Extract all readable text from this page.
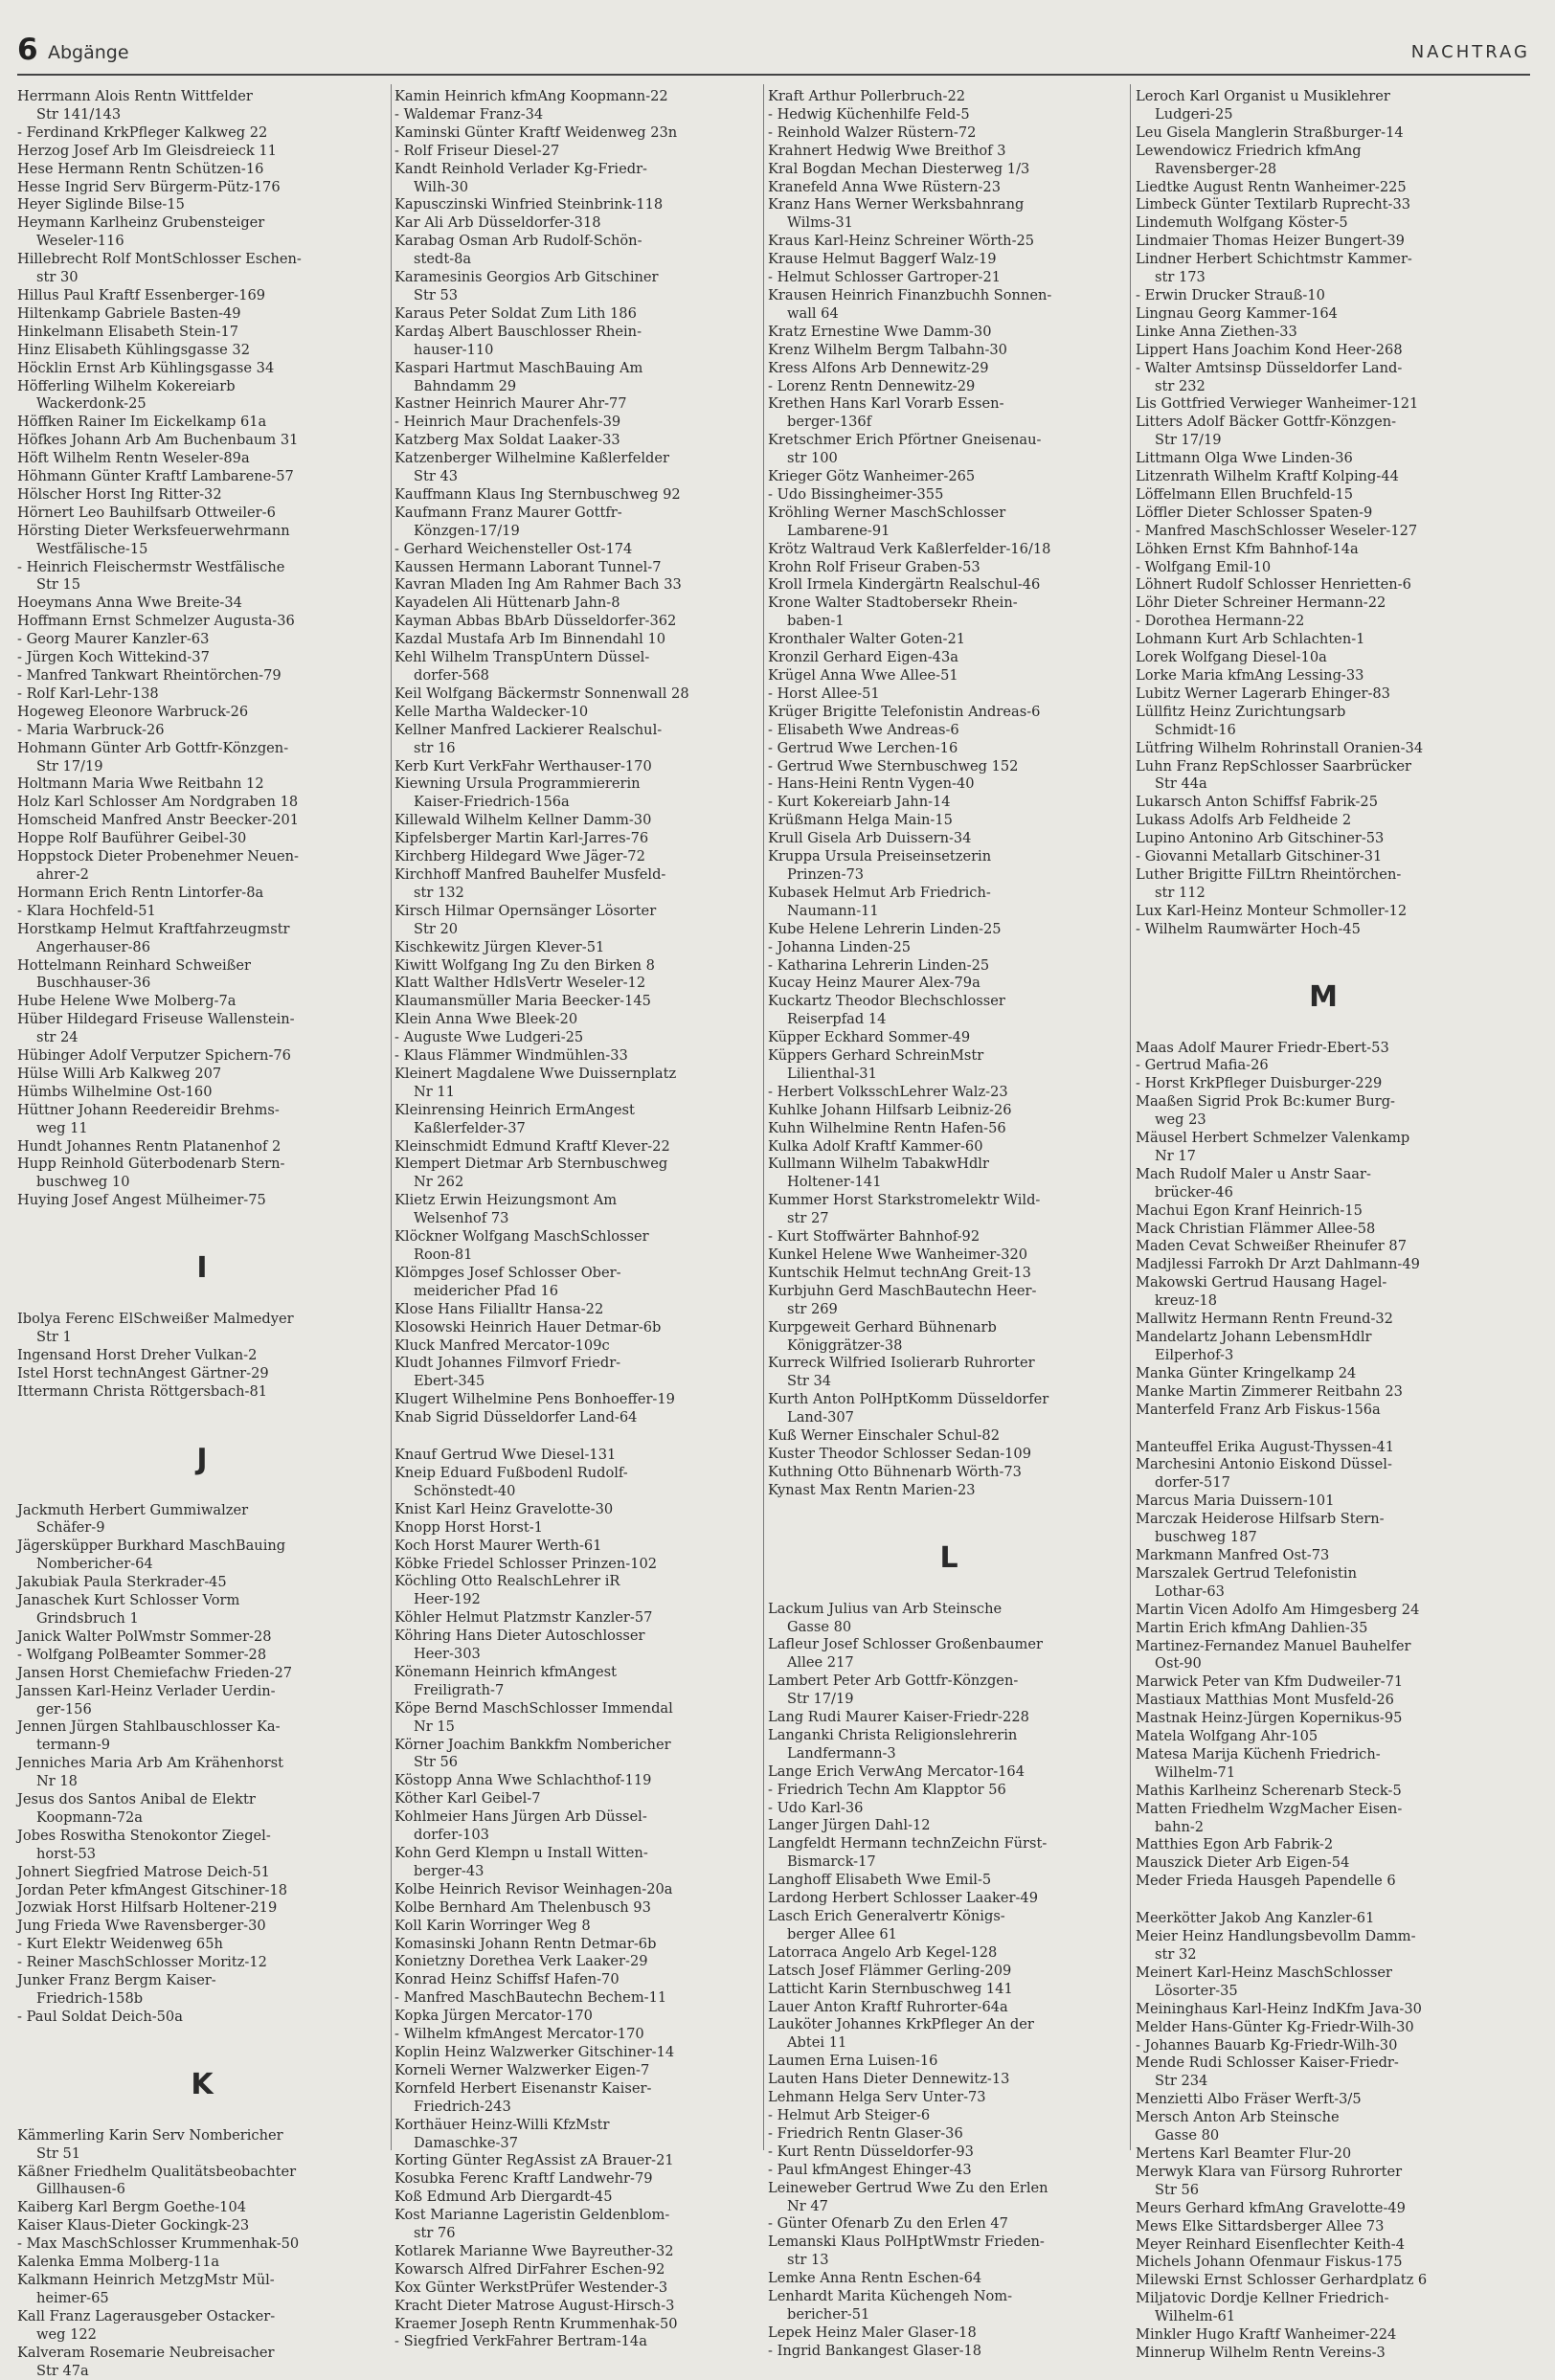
6 Abgänge	NACHTRAG
Herrmann Alois Rentn Wittfelder
Str 141/143
- Ferdinand KrkPfleger Kalkweg 22
Herzog Josef Arb Im Gleisdreieck 11
Hese Hermann Rentn Schützen-16
Hesse Ingrid Serv Bürgerm-Pütz-176
Heyer Siglinde Bilse-15
Heymann Karlheinz Grubensteiger
Weseler-116
Hillebrecht Rolf MontSchlosser Eschen-
str 30
Hillus Paul Kraftf Essenberger-169
Hiltenkamp Gabriele Basten-49
Hinkelmann Elisabeth Stein-17
Hinz Elisabeth Kühlingsgasse 32
Höcklin Ernst Arb Kühlingsgasse 34
Höfferling Wilhelm Kokereiarb
Wackerdonk-25
Höffken Rainer Im Eickelkamp 61a
Höfkes Johann Arb Am Buchenbaum 31
Höft Wilhelm Rentn Weseler-89a
Höhmann Günter Kraftf Lambarene-57
Hölscher Horst Ing Ritter-32
Hörnert Leo Bauhilfsarb Ottweiler-6
Hörsting Dieter Werksfeuerwehrmann
Westfälische-15
- Heinrich Fleischermstr Westfälische
Str 15
Hoeymans Anna Wwe Breite-34
Hoffmann Ernst Schmelzer Augusta-36
- Georg Maurer Kanzler-63
- Jürgen Koch Wittekind-37
- Manfred Tankwart Rheintörchen-79
- Rolf Karl-Lehr-138
Hogeweg Eleonore Warbruck-26
- Maria Warbruck-26
Hohmann Günter Arb Gottfr-Könzgen-
Str 17/19
Holtmann Maria Wwe Reitbahn 12
Holz Karl Schlosser Am Nordgraben 18
Homscheid Manfred Anstr Beecker-201
Hoppe Rolf Bauführer Geibel-30
Hoppstock Dieter Probenehmer Neuen-
ahrer-2
Hormann Erich Rentn Lintorfer-8a
- Klara Hochfeld-51
Horstkamp Helmut Kraftfahrzeugmstr
Angerhauser-86
Hottelmann Reinhard Schweißer
Buschhauser-36
Hube Helene Wwe Molberg-7a
Hüber Hildegard Friseuse Wallenstein-
str 24
Hübinger Adolf Verputzer Spichern-76
Hülse Willi Arb Kalkweg 207
Hümbs Wilhelmine Ost-160
Hüttner Johann Reedereidir Brehms-
weg 11
Hundt Johannes Rentn Platanenhof 2
Hupp Reinhold Güterbodenarb Stern-
buschweg 10
Huying Josef Angest Mülheimer-75
I
Ibolya Ferenc ElSchweißer Malmedyer
Str 1
Ingensand Horst Dreher Vulkan-2
Istel Horst technAngest Gärtner-29
Ittermann Christa Röttgersbach-81
J
Jackmuth Herbert Gummiwalzer
Schäfer-9
Jägersküpper Burkhard MaschBauing
Nombericher-64
Jakubiak Paula Sterkrader-45
Janaschek Kurt Schlosser Vorm
Grindsbruch 1
Janick Walter PolWmstr Sommer-28
- Wolfgang PolBeamter Sommer-28
Jansen Horst Chemiefachw Frieden-27
Janssen Karl-Heinz Verlader Uerdin-
ger-156
Jennen Jürgen Stahlbauschlosser Ka-
termann-9
Jenniches Maria Arb Am Krähenhorst
Nr 18
Jesus dos Santos Anibal de Elektr
Koopmann-72a
Jobes Roswitha Stenokontor Ziegel-
horst-53
Johnert Siegfried Matrose Deich-51
Jordan Peter kfmAngest Gitschiner-18
Jozwiak Horst Hilfsarb Holtener-219
Jung Frieda Wwe Ravensberger-30
- Kurt Elektr Weidenweg 65h
- Reiner MaschSchlosser Moritz-12
Junker Franz Bergm Kaiser-
Friedrich-158b
- Paul Soldat Deich-50a
K
Kämmerling Karin Serv Nombericher
Str 51
Käßner Friedhelm Qualitätsbeobachter
Gillhausen-6
Kaiberg Karl Bergm Goethe-104
Kaiser Klaus-Dieter Gockingk-23
- Max MaschSchlosser Krummenhak-50
Kalenka Emma Molberg-11a
Kalkmann Heinrich MetzgMstr Mül-
heimer-65
Kall Franz Lagerausgeber Ostacker-
weg 122
Kalveram Rosemarie Neubreisacher
Str 47a
Kamin Heinrich kfmAng Koopmann-22
- Waldemar Franz-34
Kaminski Günter Kraftf Weidenweg 23n
- Rolf Friseur Diesel-27
Kandt Reinhold Verlader Kg-Friedr-
Wilh-30
Kapusczinski Winfried Steinbrink-118
Kar Ali Arb Düsseldorfer-318
Karabag Osman Arb Rudolf-Schön-
stedt-8a
Karamesinis Georgios Arb Gitschiner
Str 53
Karaus Peter Soldat Zum Lith 186
Kardaş Albert Bauschlosser Rhein-
hauser-110
Kaspari Hartmut MaschBauing Am
Bahndamm 29
Kastner Heinrich Maurer Ahr-77
- Heinrich Maur Drachenfels-39
Katzberg Max Soldat Laaker-33
Katzenberger Wilhelmine Kaßlerfelder
Str 43
Kauffmann Klaus Ing Sternbuschweg 92
Kaufmann Franz Maurer Gottfr-
Könzgen-17/19
- Gerhard Weichensteller Ost-174
Kaussen Hermann Laborant Tunnel-7
Kavran Mladen Ing Am Rahmer Bach 33
Kayadelen Ali Hüttenarb Jahn-8
Kayman Abbas BbArb Düsseldorfer-362
Kazdal Mustafa Arb Im Binnendahl 10
Kehl Wilhelm TranspUntern Düssel-
dorfer-568
Keil Wolfgang Bäckermstr Sonnenwall 28
Kelle Martha Waldecker-10
Kellner Manfred Lackierer Realschul-
str 16
Kerb Kurt VerkFahr Werthauser-170
Kiewning Ursula Programmiererin
Kaiser-Friedrich-156a
Killewald Wilhelm Kellner Damm-30
Kipfelsberger Martin Karl-Jarres-76
Kirchberg Hildegard Wwe Jäger-72
Kirchhoff Manfred Bauhelfer Musfeld-
str 132
Kirsch Hilmar Opernsänger Lösorter
Str 20
Kischkewitz Jürgen Klever-51
Kiwitt Wolfgang Ing Zu den Birken 8
Klatt Walther HdlsVertr Weseler-12
Klaumansmüller Maria Beecker-145
Klein Anna Wwe Bleek-20
- Auguste Wwe Ludgeri-25
- Klaus Flämmer Windmühlen-33
Kleinert Magdalene Wwe Duissernplatz
Nr 11
Kleinrensing Heinrich ErmAngest
Kaßlerfelder-37
Kleinschmidt Edmund Kraftf Klever-22
Klempert Dietmar Arb Sternbuschweg
Nr 262
Klietz Erwin Heizungsmont Am
Welsenhof 73
Klöckner Wolfgang MaschSchlosser
Roon-81
Klömpges Josef Schlosser Ober-
meidericher Pfad 16
Klose Hans Filialltr Hansa-22
Klosowski Heinrich Hauer Detmar-6b
Kluck Manfred Mercator-109c
Kludt Johannes Filmvorf Friedr-
Ebert-345
Klugert Wilhelmine Pens Bonhoeffer-19
Knab Sigrid Düsseldorfer Land-64
Knauf Gertrud Wwe Diesel-131
Kneip Eduard Fußbodenl Rudolf-
Schönstedt-40
Knist Karl Heinz Gravelotte-30
Knopp Horst Horst-1
Koch Horst Maurer Werth-61
Köbke Friedel Schlosser Prinzen-102
Köchling Otto RealschLehrer iR
Heer-192
Köhler Helmut Platzmstr Kanzler-57
Köhring Hans Dieter Autoschlosser
Heer-303
Könemann Heinrich kfmAngest
Freiligrath-7
Köpe Bernd MaschSchlosser Immendal
Nr 15
Körner Joachim Bankkfm Nombericher
Str 56
Köstopp Anna Wwe Schlachthof-119
Köther Karl Geibel-7
Kohlmeier Hans Jürgen Arb Düssel-
dorfer-103
Kohn Gerd Klempn u Install Witten-
berger-43
Kolbe Heinrich Revisor Weinhagen-20a
Kolbe Bernhard Am Thelenbusch 93
Koll Karin Worringer Weg 8
Komasinski Johann Rentn Detmar-6b
Konietzny Dorethea Verk Laaker-29
Konrad Heinz Schiffsf Hafen-70
- Manfred MaschBautechn Bechem-11
Kopka Jürgen Mercator-170
- Wilhelm kfmAngest Mercator-170
Koplin Heinz Walzwerker Gitschiner-14
Korneli Werner Walzwerker Eigen-7
Kornfeld Herbert Eisenanstr Kaiser-
Friedrich-243
Korthäuer Heinz-Willi KfzMstr
Damaschke-37
Korting Günter RegAssist zA Brauer-21
Kosubka Ferenc Kraftf Landwehr-79
Koß Edmund Arb Diergardt-45
Kost Marianne Lageristin Geldenblom-
str 76
Kotlarek Marianne Wwe Bayreuther-32
Kowarsch Alfred DirFahrer Eschen-92
Kox Günter WerkstPrüfer Westender-3
Kracht Dieter Matrose August-Hirsch-3
Kraemer Joseph Rentn Krummenhak-50
- Siegfried VerkFahrer Bertram-14a
Kraft Arthur Pollerbruch-22
- Hedwig Küchenhilfe Feld-5
- Reinhold Walzer Rüstern-72
Krahnert Hedwig Wwe Breithof 3
Kral Bogdan Mechan Diesterweg 1/3
Kranefeld Anna Wwe Rüstern-23
Kranz Hans Werner Werksbahnrang
Wilms-31
Kraus Karl-Heinz Schreiner Wörth-25
Krause Helmut Baggerf Walz-19
- Helmut Schlosser Gartroper-21
Krausen Heinrich Finanzbuchh Sonnen-
wall 64
Kratz Ernestine Wwe Damm-30
Krenz Wilhelm Bergm Talbahn-30
Kress Alfons Arb Dennewitz-29
- Lorenz Rentn Dennewitz-29
Krethen Hans Karl Vorarb Essen-
berger-136f
Kretschmer Erich Pförtner Gneisenau-
str 100
Krieger Götz Wanheimer-265
- Udo Bissingheimer-355
Kröhling Werner MaschSchlosser
Lambarene-91
Krötz Waltraud Verk Kaßlerfelder-16/18
Krohn Rolf Friseur Graben-53
Kroll Irmela Kindergärtn Realschul-46
Krone Walter Stadtobersekr Rhein-
baben-1
Kronthaler Walter Goten-21
Kronzil Gerhard Eigen-43a
Krügel Anna Wwe Allee-51
- Horst Allee-51
Krüger Brigitte Telefonistin Andreas-6
- Elisabeth Wwe Andreas-6
- Gertrud Wwe Lerchen-16
- Gertrud Wwe Sternbuschweg 152
- Hans-Heini Rentn Vygen-40
- Kurt Kokereiarb Jahn-14
Krüßmann Helga Main-15
Krull Gisela Arb Duissern-34
Kruppa Ursula Preiseinsetzerin
Prinzen-73
Kubasek Helmut Arb Friedrich-
Naumann-11
Kube Helene Lehrerin Linden-25
- Johanna Linden-25
- Katharina Lehrerin Linden-25
Kucay Heinz Maurer Alex-79a
Kuckartz Theodor Blechschlosser
Reiserpfad 14
Küpper Eckhard Sommer-49
Küppers Gerhard SchreinMstr
Lilienthal-31
- Herbert VolksschLehrer Walz-23
Kuhlke Johann Hilfsarb Leibniz-26
Kuhn Wilhelmine Rentn Hafen-56
Kulka Adolf Kraftf Kammer-60
Kullmann Wilhelm TabakwHdlr
Holtener-141
Kummer Horst Starkstromelektr Wild-
str 27
- Kurt Stoffwärter Bahnhof-92
Kunkel Helene Wwe Wanheimer-320
Kuntschik Helmut technAng Greit-13
Kurbjuhn Gerd MaschBautechn Heer-
str 269
Kurpgeweit Gerhard Bühnenarb
Königgrätzer-38
Kurreck Wilfried Isolierarb Ruhrorter
Str 34
Kurth Anton PolHptKomm Düsseldorfer
Land-307
Kuß Werner Einschaler Schul-82
Kuster Theodor Schlosser Sedan-109
Kuthning Otto Bühnenarb Wörth-73
Kynast Max Rentn Marien-23
L
Lackum Julius van Arb Steinsche
Gasse 80
Lafleur Josef Schlosser Großenbaumer
Allee 217
Lambert Peter Arb Gottfr-Könzgen-
Str 17/19
Lang Rudi Maurer Kaiser-Friedr-228
Langanki Christa Religionslehrerin
Landfermann-3
Lange Erich VerwAng Mercator-164
- Friedrich Techn Am Klapptor 56
- Udo Karl-36
Langer Jürgen Dahl-12
Langfeldt Hermann technZeichn Fürst-
Bismarck-17
Langhoff Elisabeth Wwe Emil-5
Lardong Herbert Schlosser Laaker-49
Lasch Erich Generalvertr Königs-
berger Allee 61
Latorraca Angelo Arb Kegel-128
Latsch Josef Flämmer Gerling-209
Latticht Karin Sternbuschweg 141
Lauer Anton Kraftf Ruhrorter-64a
Lauköter Johannes KrkPfleger An der
Abtei 11
Laumen Erna Luisen-16
Lauten Hans Dieter Dennewitz-13
Lehmann Helga Serv Unter-73
- Helmut Arb Steiger-6
- Friedrich Rentn Glaser-36
- Kurt Rentn Düsseldorfer-93
- Paul kfmAngest Ehinger-43
Leineweber Gertrud Wwe Zu den Erlen
Nr 47
- Günter Ofenarb Zu den Erlen 47
Lemanski Klaus PolHptWmstr Frieden-
str 13
Lemke Anna Rentn Eschen-64
Lenhardt Marita Küchengeh Nom-
bericher-51
Lepek Heinz Maler Glaser-18
- Ingrid Bankangest Glaser-18
Leroch Karl Organist u Musiklehrer
Ludgeri-25
Leu Gisela Manglerin Straßburger-14
Lewendowicz Friedrich kfmAng
Ravensberger-28
Liedtke August Rentn Wanheimer-225
Limbeck Günter Textilarb Ruprecht-33
Lindemuth Wolfgang Köster-5
Lindmaier Thomas Heizer Bungert-39
Lindner Herbert Schichtmstr Kammer-
str 173
- Erwin Drucker Strauß-10
Lingnau Georg Kammer-164
Linke Anna Ziethen-33
Lippert Hans Joachim Kond Heer-268
- Walter Amtsinsp Düsseldorfer Land-
str 232
Lis Gottfried Verwieger Wanheimer-121
Litters Adolf Bäcker Gottfr-Könzgen-
Str 17/19
Littmann Olga Wwe Linden-36
Litzenrath Wilhelm Kraftf Kolping-44
Löffelmann Ellen Bruchfeld-15
Löffler Dieter Schlosser Spaten-9
- Manfred MaschSchlosser Weseler-127
Löhken Ernst Kfm Bahnhof-14a
- Wolfgang Emil-10
Löhnert Rudolf Schlosser Henrietten-6
Löhr Dieter Schreiner Hermann-22
- Dorothea Hermann-22
Lohmann Kurt Arb Schlachten-1
Lorek Wolfgang Diesel-10a
Lorke Maria kfmAng Lessing-33
Lubitz Werner Lagerarb Ehinger-83
Lüllfitz Heinz Zurichtungsarb
Schmidt-16
Lütfring Wilhelm Rohrinstall Oranien-34
Luhn Franz RepSchlosser Saarbrücker
Str 44a
Lukarsch Anton Schiffsf Fabrik-25
Lukass Adolfs Arb Feldheide 2
Lupino Antonino Arb Gitschiner-53
- Giovanni Metallarb Gitschiner-31
Luther Brigitte FilLtrn Rheintörchen-
str 112
Lux Karl-Heinz Monteur Schmoller-12
- Wilhelm Raumwärter Hoch-45
M
Maas Adolf Maurer Friedr-Ebert-53
- Gertrud Mafia-26
- Horst KrkPfleger Duisburger-229
Maaßen Sigrid Prok Bc:kumer Burg-
weg 23
Mäusel Herbert Schmelzer Valenkamp
Nr 17
Mach Rudolf Maler u Anstr Saar-
brücker-46
Machui Egon Kranf Heinrich-15
Mack Christian Flämmer Allee-58
Maden Cevat Schweißer Rheinufer 87
Madjlessi Farrokh Dr Arzt Dahlmann-49
Makowski Gertrud Hausang Hagel-
kreuz-18
Mallwitz Hermann Rentn Freund-32
Mandelartz Johann LebensmHdlr
Eilperhof-3
Manka Günter Kringelkamp 24
Manke Martin Zimmerer Reitbahn 23
Manterfeld Franz Arb Fiskus-156a
Manteuffel Erika August-Thyssen-41
Marchesini Antonio Eiskond Düssel-
dorfer-517
Marcus Maria Duissern-101
Marczak Heiderose Hilfsarb Stern-
buschweg 187
Markmann Manfred Ost-73
Marszalek Gertrud Telefonistin
Lothar-63
Martin Vicen Adolfo Am Himgesberg 24
Martin Erich kfmAng Dahlien-35
Martinez-Fernandez Manuel Bauhelfer
Ost-90
Marwick Peter van Kfm Dudweiler-71
Mastiaux Matthias Mont Musfeld-26
Mastnak Heinz-Jürgen Kopernikus-95
Matela Wolfgang Ahr-105
Matesa Marija Küchenh Friedrich-
Wilhelm-71
Mathis Karlheinz Scherenarb Steck-5
Matten Friedhelm WzgMacher Eisen-
bahn-2
Matthies Egon Arb Fabrik-2
Mauszick Dieter Arb Eigen-54
Meder Frieda Hausgeh Papendelle 6
Meerkötter Jakob Ang Kanzler-61
Meier Heinz Handlungsbevollm Damm-
str 32
Meinert Karl-Heinz MaschSchlosser
Lösorter-35
Meininghaus Karl-Heinz IndKfm Java-30
Melder Hans-Günter Kg-Friedr-Wilh-30
- Johannes Bauarb Kg-Friedr-Wilh-30
Mende Rudi Schlosser Kaiser-Friedr-
Str 234
Menzietti Albo Fräser Werft-3/5
Mersch Anton Arb Steinsche
Gasse 80
Mertens Karl Beamter Flur-20
Merwyk Klara van Fürsorg Ruhrorter
Str 56
Meurs Gerhard kfmAng Gravelotte-49
Mews Elke Sittardsberger Allee 73
Meyer Reinhard Eisenflechter Keith-4
Michels Johann Ofenmaur Fiskus-175
Milewski Ernst Schlosser Gerhardplatz 6
Miljatovic Dordje Kellner Friedrich-
Wilhelm-61
Minkler Hugo Kraftf Wanheimer-224
Minnerup Wilhelm Rentn Vereins-3
